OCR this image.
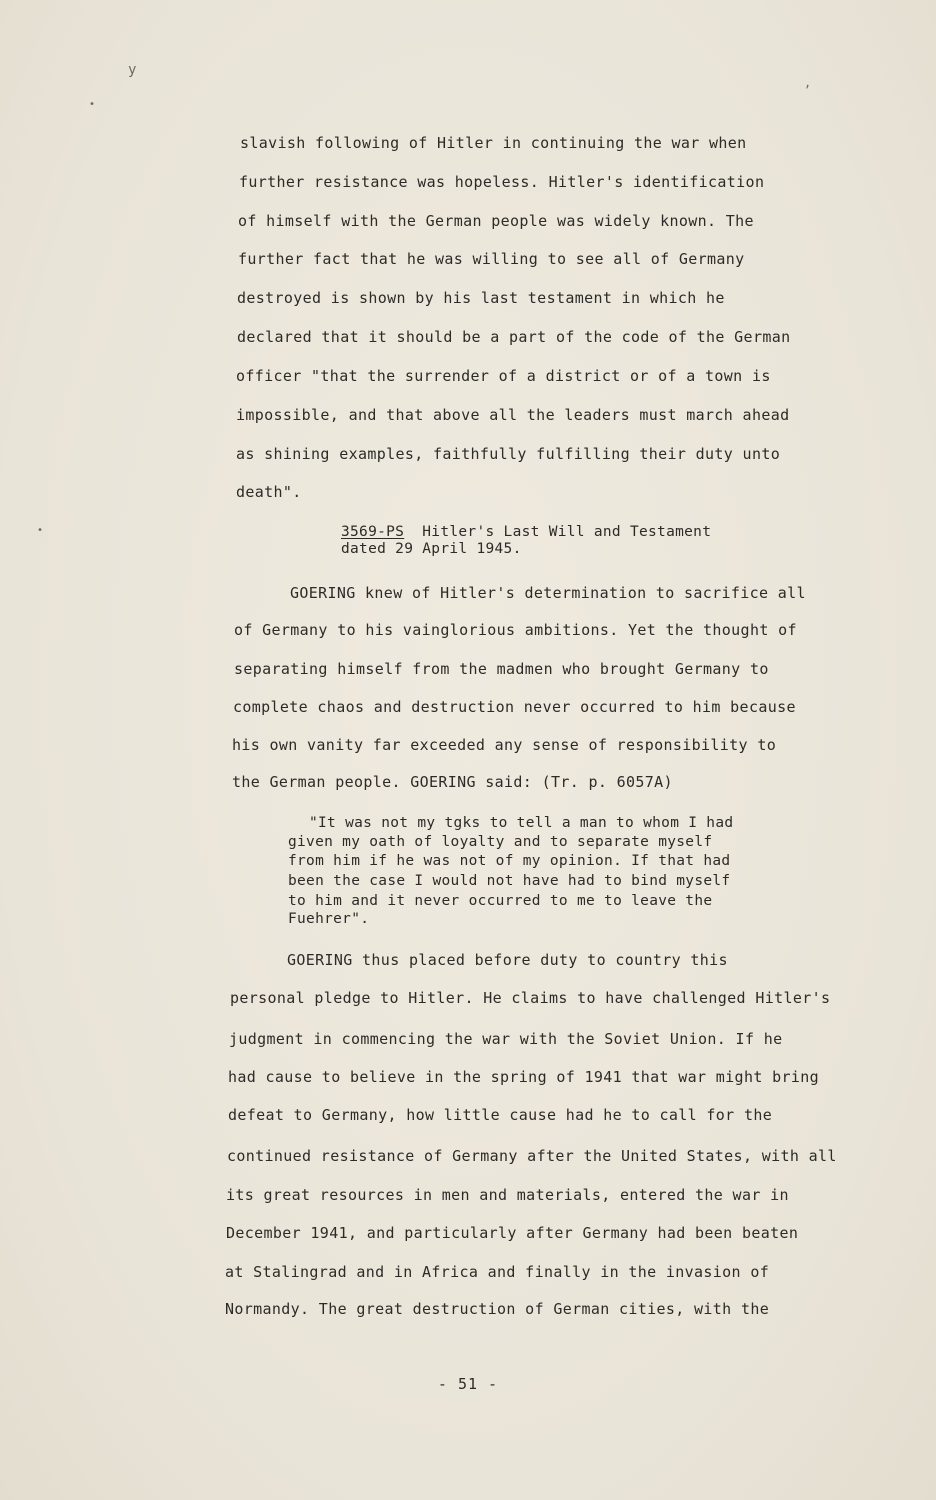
y
•
,
•
slavish following of Hitler in continuing the war when
further resistance was hopeless. Hitler's identification
of himself with the German people was widely known. The
further fact that he was willing to see all of Germany
destroyed is shown by his last testament in which he
declared that it should be a part of the code of the German
officer "that the surrender of a district or of a town is
impossible, and that above all the leaders must march ahead
as shining examples, faithfully fulfilling their duty unto
death".
3569-PS Hitler's Last Will and Testament
dated 29 April 1945.
GOERING knew of Hitler's determination to sacrifice all
of Germany to his vainglorious ambitions. Yet the thought of
separating himself from the madmen who brought Germany to
complete chaos and destruction never occurred to him because
his own vanity far exceeded any sense of responsibility to
the German people. GOERING said: (Tr. p. 6057A)
"It was not my tgks to tell a man to whom I had
given my oath of loyalty and to separate myself
from him if he was not of my opinion. If that had
been the case I would not have had to bind myself
to him and it never occurred to me to leave the
Fuehrer".
GOERING thus placed before duty to country this
personal pledge to Hitler. He claims to have challenged Hitler's
judgment in commencing the war with the Soviet Union. If he
had cause to believe in the spring of 1941 that war might bring
defeat to Germany, how little cause had he to call for the
continued resistance of Germany after the United States, with all
its great resources in men and materials, entered the war in
December 1941, and particularly after Germany had been beaten
at Stalingrad and in Africa and finally in the invasion of
Normandy. The great destruction of German cities, with the
- 51 -
